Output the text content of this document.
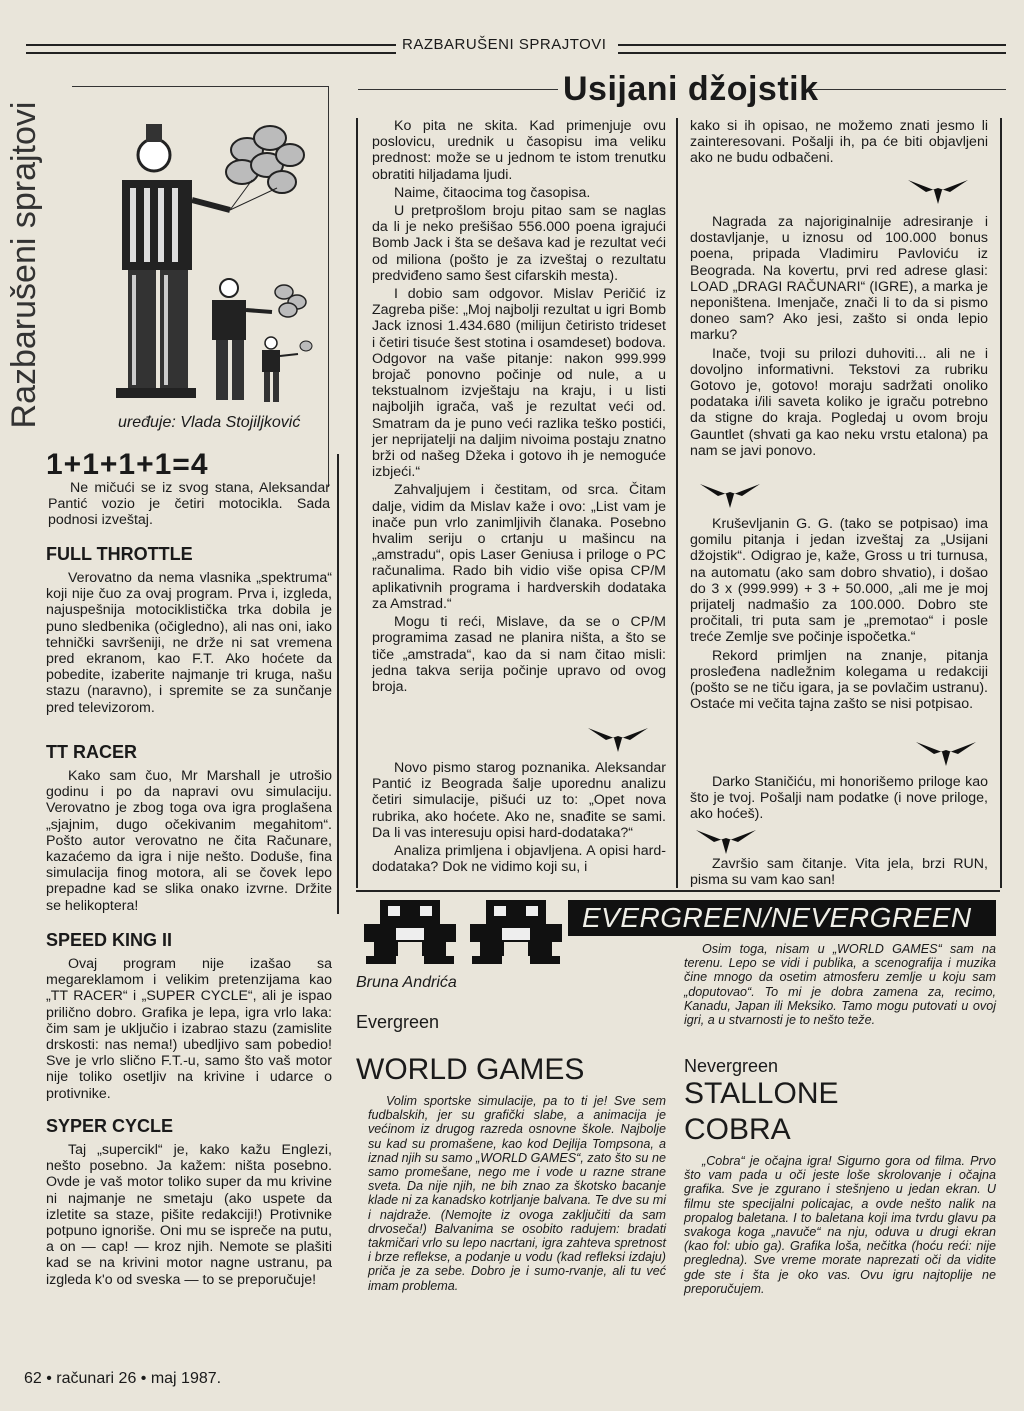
RAZBARUŠENI SPRAJTOVI
Usijani džojstik
Razbarušeni sprajtovi	uređuje: Vlada Stojiljković
1+1+1+1=4

Ne mičući se iz svog stana, Aleksandar Pantić vozio je četiri motocikla. Sada podnosi izveštaj.

FULL THROTTLE

Verovatno da nema vlasnika „spektruma“ koji nije čuo za ovaj program. Prva i, izgleda, najuspešnija motociklistička trka dobila je puno sledbenika (očigledno), ali nas oni, iako tehnički savršeniji, ne drže ni sat vremena pred ekranom, kao F.T. Ako hoćete da pobedite, izaberite najmanje tri kruga, našu stazu (naravno), i spremite se za sunčanje pred televizorom.

TT RACER

Kako sam čuo, Mr Marshall je utrošio godinu i po da napravi ovu simulaciju. Verovatno je zbog toga ova igra proglašena „sjajnim, dugo očekivanim megahitom“. Pošto autor verovatno ne čita Računare, kazaćemo da igra i nije nešto. Doduše, fina simulacija finog motora, ali se čovek lepo prepadne kad se slika onako izvrne. Držite se helikoptera!

SPEED KING II

Ovaj program nije izašao sa megareklamom i velikim pretenzijama kao „TT RACER“ i „SUPER CYCLE“, ali je ispao prilično dobro. Grafika je lepa, igra vrlo laka: čim sam je uključio i izabrao stazu (zamislite drskosti: nas nema!) ubedljivo sam pobedio! Sve je vrlo slično F.T.-u, samo što vaš motor nije toliko osetljiv na krivine i udarce o protivnike.

SYPER CYCLE

Taj „supercikl“ je, kako kažu Englezi, nešto posebno. Ja kažem: ništa posebno. Ovde je vaš motor toliko super da mu krivine ni najmanje ne smetaju (ako uspete da izletite sa staze, pišite redakciji!) Protivnike potpuno ignoriše. Oni mu se isprečе na putu, a on — cap! — kroz njih. Nemote se plašiti kad se na krivini motor nagne ustranu, pa izgleda k'o od sveska — to se preporučuje!

Ko pita ne skita. Kad primenjuje ovu poslovicu, urednik u časopisu ima veliku prednost: može se u jednom te istom trenutku obratiti hiljadama ljudi.

Naime, čitaocima tog časopisa.

U pretprošlom broju pitao sam se naglas da li je neko prešišao 556.000 poena igrajući Bomb Jack i šta se dešava kad je rezultat veći od miliona (pošto je za izveštaj o rezultatu predviđeno samo šest cifarskih mesta).

I dobio sam odgovor. Mislav Peričić iz Zagreba piše: „Moj najbolji rezultat u igri Bomb Jack iznosi 1.434.680 (milijun četiristo trideset i četiri tisuće šest stotina i osamdeset) bodova. Odgovor na vaše pitanje: nakon 999.999 brojač ponovno počinje od nule, a u tekstualnom izvještaju na kraju, i u listi najboljih igrača, vaš je rezultat veći od. Smatram da je puno veći razlika teško postići, jer neprijatelji na daljim nivoima postaju znatno brži od našeg Džeka i gotovo ih je nemoguće izbjeći.“

Zahvaljujem i čestitam, od srca. Čitam dalje, vidim da Mislav kaže i ovo: „List vam je inače pun vrlo zanimljivih članaka. Posebno hvalim seriju o crtanju u mašincu na „amstradu“, opis Laser Geniusa i priloge o PC računalima. Rado bih vidio više opisa CP/M aplikativnih programa i hardverskih dodataka za Amstrad.“

Mogu ti reći, Mislave, da se o CP/M programima zasad ne planira ništa, a što se tiče „amstrada“, kao da si nam čitao misli: jedna takva serija počinje upravo od ovog broja.

Novo pismo starog poznanika. Aleksandar Pantić iz Beograda šalje uporednu analizu četiri simulacije, pišući uz to: „Opet nova rubrika, ako hoćete. Ako ne, snađite se sami. Da li vas interesuju opisi hard-dodataka?“

Analiza primljena i objavljena. A opisi hard-dodataka? Dok ne vidimo koji su, i

kako si ih opisao, ne možemo znati jesmo li zainteresovani. Pošalji ih, pa će biti objavljeni ako ne budu odbačeni.

Nagrada za najoriginalnije adresiranje i dostavljanje, u iznosu od 100.000 bonus poena, pripada Vladimiru Pavloviću iz Beograda. Na kovertu, prvi red adrese glasi: LOAD „DRAGI RAČUNARI“ (IGRE), a marka je neponištena. Imenjače, znači li to da si pismo doneo sam? Ako jesi, zašto si onda lepio marku?

Inače, tvoji su prilozi duhoviti... ali ne i dovoljno informativni. Tekstovi za rubriku Gotovo je, gotovo! moraju sadržati onoliko podataka i/ili saveta koliko je igraču potrebno da stigne do kraja. Pogledaj u ovom broju Gauntlet (shvati ga kao neku vrstu etalona) pa nam se javi ponovo.

Kruševljanin G. G. (tako se potpisao) ima gomilu pitanja i jedan izveštaj za „Usijani džojstik“. Odigrao je, kaže, Gross u tri turnusa, na automatu (ako sam dobro shvatio), i došao do 3 x (999.999) + 3 + 50.000, „ali me je moj prijatelj nadmašio za 100.000. Dobro ste pročitali, tri puta sam je „premotao“ i posle treće Zemlje sve počinje ispočetka.“

Rekord primljen na znanje, pitanja prosleđena nadležnim kolegama u redakciji (pošto se ne tiču igara, ja se povlačim ustranu). Ostaće mi večita tajna zašto se nisi potpisao.

Darko Staničiću, mi honorišemo priloge kao što je tvoj. Pošalji nam podatke (i nove priloge, ako hoćeš).

Završio sam čitanje. Vita jela, brzi RUN, pisma su vam kao san!

EVERGREEN/NEVERGREEN
Bruna Andrića
Evergreen
WORLD GAMES

Volim sportske simulacije, pa to ti je! Sve sem fudbalskih, jer su grafički slabe, a animacija je većinom iz drugog razreda osnovne škole. Najbolje su kad su promašene, kao kod Dejlija Tompsona, a iznad njih su samo „WORLD GAMES“, zato što su ne samo promešane, nego me i vode u razne strane sveta. Da nije njih, ne bih znao za škotsko bacanje klade ni za kanadsko kotrljanje balvana. Te dve su mi i najdraže. (Nemojte iz ovoga zaključiti da sam drvoseča!) Balvanima se osobito radujem: bradati takmičari vrlo su lepo nacrtani, igra zahteva spretnost i brze reflekse, a podanje u vodu (kad refleksi izdaju) priča je za sebe. Dobro je i sumo-rvanje, ali tu već imam problema.

Osim toga, nisam u „WORLD GAMES“ sam na terenu. Lepo se vidi i publika, a scenografija i muzika čine mnogo da osetim atmosferu zemlje u koju sam „doputovao“. To mi je dobra zamena za, recimo, Kanadu, Japan ili Meksiko. Tamo mogu putovati u ovoj igri, a u stvarnosti je to nešto teže.

Nevergreen
STALLONE
COBRA

„Cobra“ je očajna igra! Sigurno gora od filma. Prvo što vam pada u oči jeste loše skrolovanje i očajna grafika. Sve je zgurano i stešnjeno u jedan ekran. U filmu ste specijalni policajac, a ovde nešto nalik na propalog baletana. I to baletana koji ima tvrdu glavu pa svakoga koga „navuče“ na nju, oduva u drugi ekran (kao fol: ubio ga). Grafika loša, nečitka (hoću reći: nije pregledna). Sve vreme morate naprezati oči da vidite gde ste i šta je oko vas. Ovu igru najtoplije ne preporučujem.

62 • računari 26 • maj 1987.
